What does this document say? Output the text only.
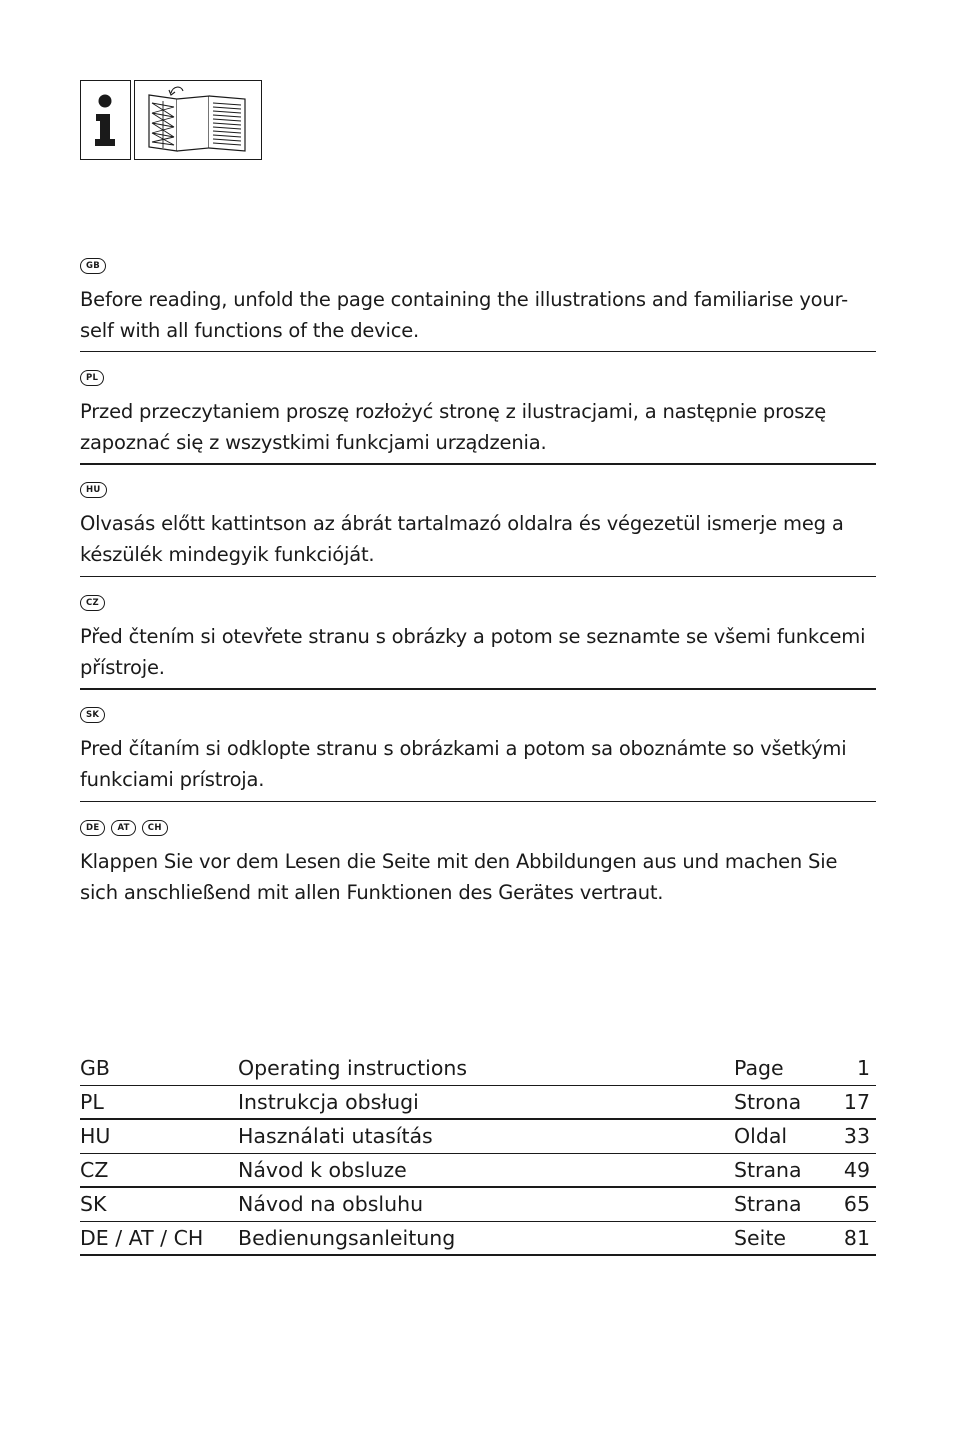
GB
Before reading, unfold the page containing the illustrations and familiarise your-
self with all functions of the device.
PL
Przed przeczytaniem proszę rozłożyć stronę z ilustracjami, a następnie proszę
zapoznać się z wszystkimi funkcjami urządzenia.
HU
Olvasás előtt kattintson az ábrát tartalmazó oldalra és végezetül ismerje meg a
készülék mindegyik funkcióját.
CZ
Před čtením si otevřete stranu s obrázky a potom se seznamte se všemi funkcemi
přístroje.
SK
Pred čítaním si odklopte stranu s obrázkami a potom sa oboznámte so všetkými
funkciami prístroja.
DE	AT	CH
Klappen Sie vor dem Lesen die Seite mit den Abbildungen aus und machen Sie
sich anschließend mit allen Funktionen des Gerätes vertraut.
GB	Operating instructions	Page	1
PL	Instrukcja obsługi	Strona	17
HU	Használati utasítás	Oldal	33
CZ	Návod k obsluze	Strana	49
SK	Návod na obsluhu	Strana	65
DE / AT / CH	Bedienungsanleitung	Seite	81
